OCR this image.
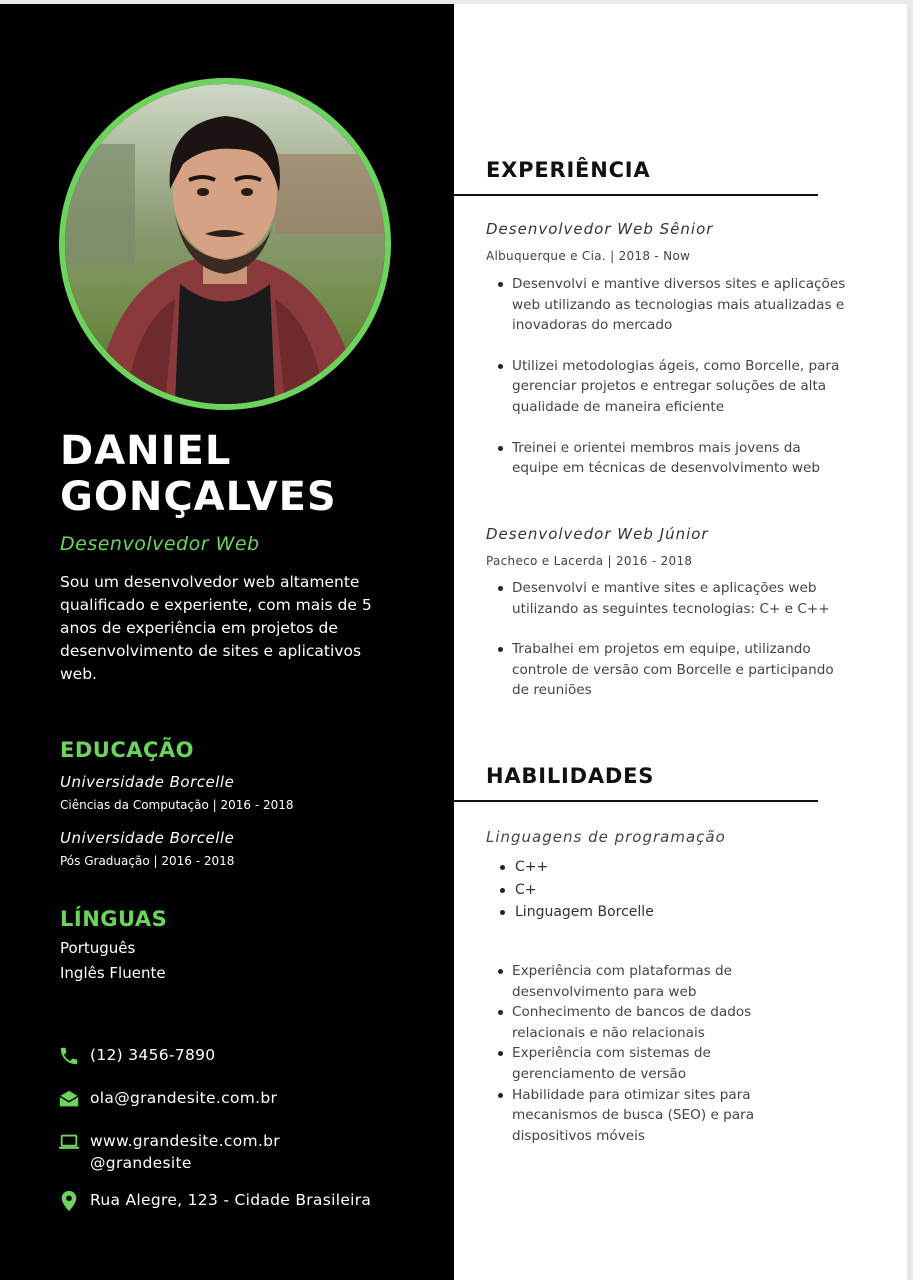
DANIEL
GONÇALVES
Desenvolvedor Web
Sou um desenvolvedor web altamente qualificado e experiente, com mais de 5 anos de experiência em projetos de desenvolvimento de sites e aplicativos web.
EDUCAÇÃO
Universidade Borcelle
Ciências da Computação | 2016 - 2018
Universidade Borcelle
Pós Graduação | 2016 - 2018
LÍNGUAS
Português
Inglês Fluente
(12) 3456-7890
ola@grandesite.com.br
www.grandesite.com.br
@grandesite
Rua Alegre, 123 - Cidade Brasileira
EXPERIÊNCIA
Desenvolvedor Web Sênior
Albuquerque e Cia. | 2018 - Now
Desenvolvi e mantive diversos sites e aplicações web utilizando as tecnologias mais atualizadas e inovadoras do mercado
Utilizei metodologias ágeis, como Borcelle, para gerenciar projetos e entregar soluções de alta qualidade de maneira eficiente
Treinei e orientei membros mais jovens da equipe em técnicas de desenvolvimento web
Desenvolvedor Web Júnior
Pacheco e Lacerda | 2016 - 2018
Desenvolvi e mantive sites e aplicações web utilizando as seguintes tecnologias: C+ e C++
Trabalhei em projetos em equipe, utilizando controle de versão com Borcelle e participando de reuniões
HABILIDADES
Linguagens de programação
C++
C+
Linguagem Borcelle
Experiência com plataformas de desenvolvimento para web
Conhecimento de bancos de dados relacionais e não relacionais
Experiência com sistemas de gerenciamento de versão
Habilidade para otimizar sites para mecanismos de busca (SEO) e para dispositivos móveis
